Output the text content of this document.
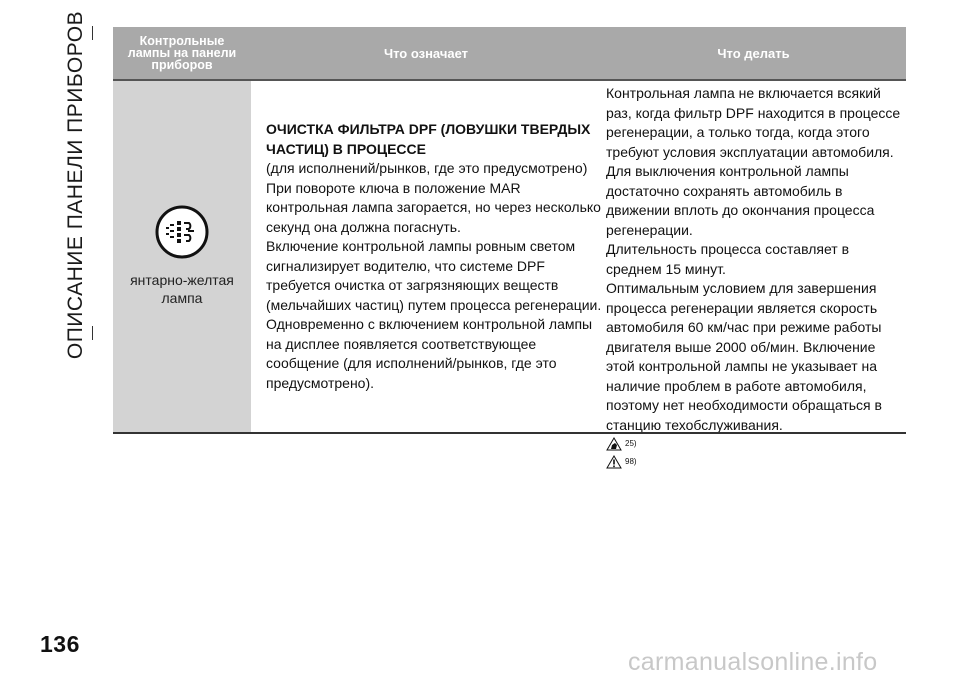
ОПИСАНИЕ ПАНЕЛИ ПРИБОРОВ	Контрольные
лампы на панели
приборов
Что означает	Что делать
янтарно-желтая
лампа

ОЧИСТКА ФИЛЬТРА DPF (ЛОВУШКИ ТВЕРДЫХ
ЧАСТИЦ) В ПРОЦЕССЕ

(для исполнений/рынков, где это предусмотрено)

При повороте ключа в положение MAR контрольная лампа загорается, но через несколько секунд она должна погаснуть.

Включение контрольной лампы ровным светом сигнализирует водителю, что системе DPF требуется очистка от загрязняющих веществ (мельчайших частиц) путем процесса регенерации.

Одновременно с включением контрольной лампы на дисплее появляется соответствующее сообщение (для исполнений/рынков, где это предусмотрено).

Контрольная лампа не включается всякий раз, когда фильтр DPF находится в процессе регенерации, а только тогда, когда этого требуют условия эксплуатации автомобиля.

Для выключения контрольной лампы достаточно сохранять автомобиль в движении вплоть до окончания процесса регенерации.

Длительность процесса составляет в среднем 15 минут.

Оптимальным условием для завершения процесса регенерации является скорость автомобиля 60 км/час при режиме работы двигателя выше 2000 об/мин. Включение этой контрольной лампы не указывает на наличие проблем в работе автомобиля, поэтому нет необходимости обращаться в станцию техобслуживания.

25)
98)
136
carmanualsonline.info
